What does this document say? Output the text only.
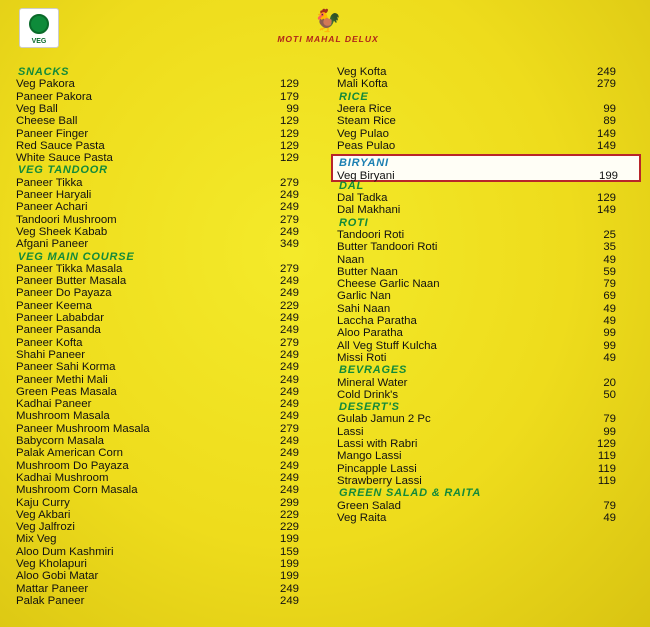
VEG
🐓
MOTI MAHAL DELUX
BIRYANI
Veg Biryani	199
SNACKS
Veg Pakora	129
Paneer Pakora	179
Veg Ball	99
Cheese Ball	129
Paneer Finger	129
Red Sauce Pasta	129
White Sauce Pasta	129
VEG TANDOOR
Paneer Tikka	279
Paneer Haryali	249
Paneer Achari	249
Tandoori Mushroom	279
Veg Sheek Kabab	249
Afgani Paneer	349
VEG MAIN COURSE
Paneer Tikka Masala	279
Paneer Butter Masala	249
Paneer Do Payaza	249
Paneer Keema	229
Paneer Lababdar	249
Paneer Pasanda	249
Paneer Kofta	279
Shahi Paneer	249
Paneer Sahi Korma	249
Paneer Methi Mali	249
Green Peas Masala	249
Kadhai Paneer	249
Mushroom Masala	249
Paneer Mushroom Masala	279
Babycorn Masala	249
Palak American Corn	249
Mushroom Do Payaza	249
Kadhai Mushroom	249
Mushroom Corn Masala	249
Kaju Curry	299
Veg Akbari	229
Veg Jalfrozi	229
Mix Veg	199
Aloo Dum Kashmiri	159
Veg Kholapuri	199
Aloo Gobi Matar	199
Mattar Paneer	249
Palak Paneer	249
Veg Kofta	249
Mali Kofta	279
RICE
Jeera Rice	99
Steam Rice	89
Veg Pulao	149
Peas Pulao	149
DAL
Dal Tadka	129
Dal Makhani	149
ROTI
Tandoori Roti	25
Butter Tandoori Roti	35
Naan	49
Butter Naan	59
Cheese Garlic Naan	79
Garlic Nan	69
Sahi Naan	49
Laccha Paratha	49
Aloo Paratha	99
All Veg Stuff Kulcha	99
Missi Roti	49
BEVRAGES
Mineral Water	20
Cold Drink's	50
DESERT'S
Gulab Jamun 2 Pc	79
Lassi	99
Lassi with Rabri	129
Mango Lassi	119
Pincapple Lassi	119
Strawberry Lassi	119
GREEN SALAD & RAITA
Green Salad	79
Veg Raita	49
